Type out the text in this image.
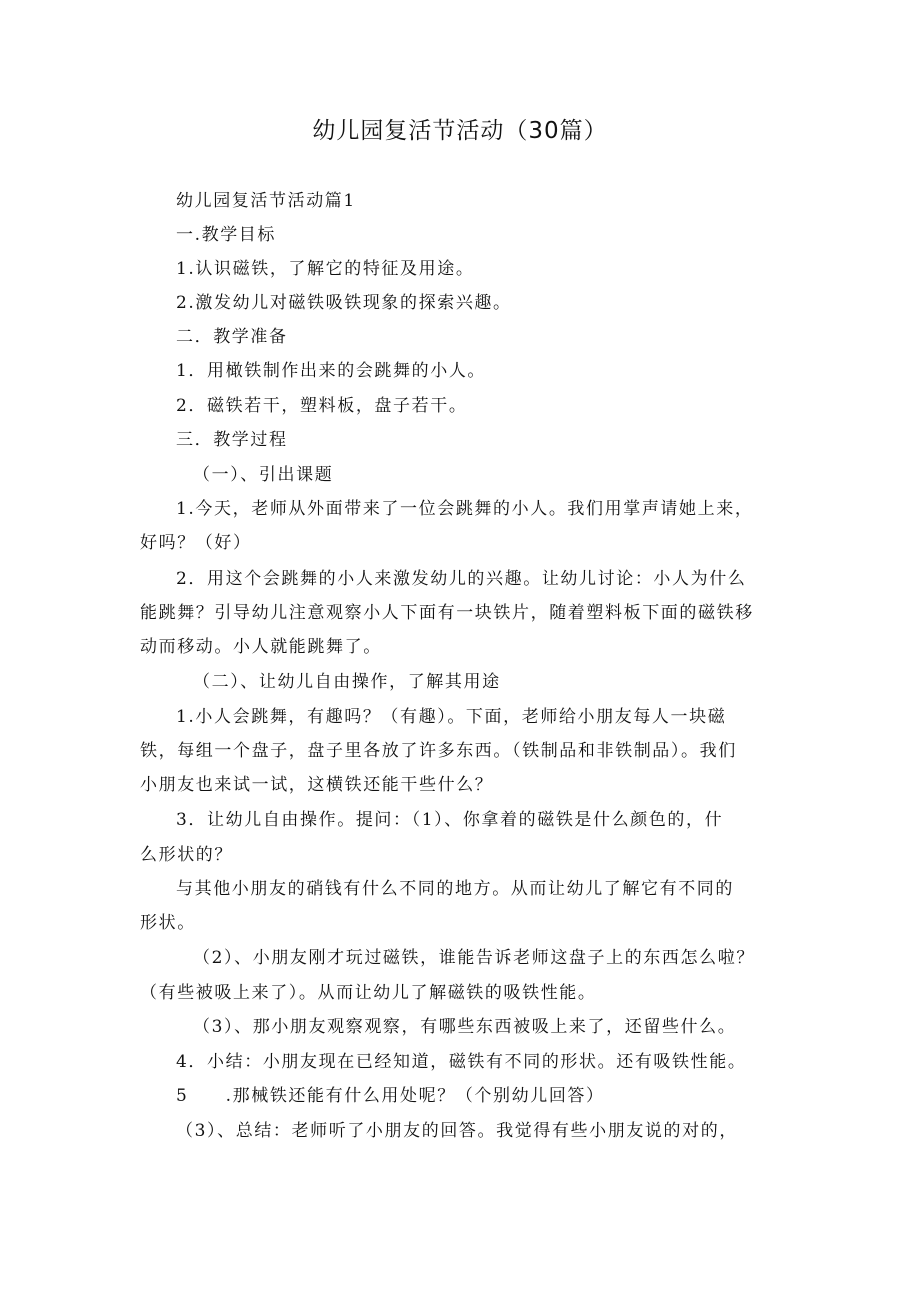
幼儿园复活节活动（30篇）
幼儿园复活节活动篇1
一.教学目标
1.认识磁铁，了解它的特征及用途。
2.激发幼儿对磁铁吸铁现象的探索兴趣。
二．教学准备
1．用橄铁制作出来的会跳舞的小人。
2．磁铁若干，塑料板，盘子若干。
三．教学过程
（一）、引出课题
1.今天，老师从外面带来了一位会跳舞的小人。我们用掌声请她上来，
好吗？（好）
2．用这个会跳舞的小人来激发幼儿的兴趣。让幼儿讨论：小人为什么
能跳舞？引导幼儿注意观察小人下面有一块铁片，随着塑料板下面的磁铁移
动而移动。小人就能跳舞了。
（二）、让幼儿自由操作，了解其用途
1.小人会跳舞，有趣吗？（有趣）。下面，老师给小朋友每人一块磁
铁，每组一个盘子，盘子里各放了许多东西。（铁制品和非铁制品）。我们
小朋友也来试一试，这横铁还能干些什么？
3．让幼儿自由操作。提问：（1）、你拿着的磁铁是什么颜色的，什
么形状的？
与其他小朋友的硝钱有什么不同的地方。从而让幼儿了解它有不同的
形状。
（2）、小朋友刚才玩过磁铁，谁能告诉老师这盘子上的东西怎么啦？
（有些被吸上来了）。从而让幼儿了解磁铁的吸铁性能。
（3）、那小朋友观察观察，有哪些东西被吸上来了，还留些什么。
4．小结：小朋友现在已经知道，磁铁有不同的形状。还有吸铁性能。
5　　.那械铁还能有什么用处呢？（个别幼儿回答）
（3）、总结：老师听了小朋友的回答。我觉得有些小朋友说的对的，
